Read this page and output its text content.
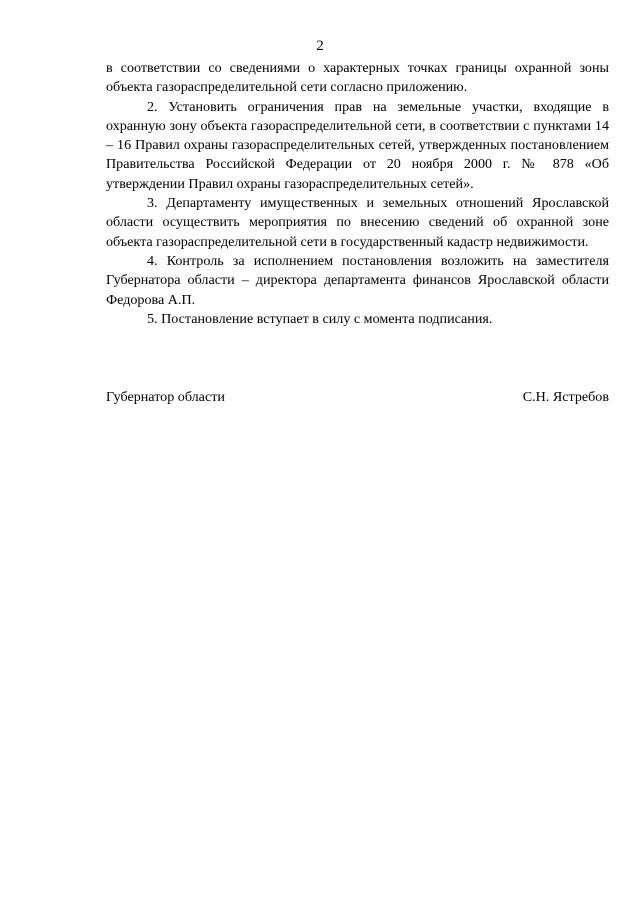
2

в соответствии со сведениями о характерных точках границы охранной зоны объекта газораспределительной сети согласно приложению.

2. Установить ограничения прав на земельные участки, входящие в охранную зону объекта газораспределительной сети, в соответствии с пунктами 14 – 16 Правил охраны газораспределительных сетей, утвержденных постановлением Правительства Российской Федерации от 20 ноября 2000 г. № 878 «Об утверждении Правил охраны газораспределительных сетей».

3. Департаменту имущественных и земельных отношений Ярославской области осуществить мероприятия по внесению сведений об охранной зоне объекта газораспределительной сети в государственный кадастр недвижимости.

4. Контроль за исполнением постановления возложить на заместителя Губернатора области – директора департамента финансов Ярославской области Федорова А.П.

5. Постановление вступает в силу с момента подписания.

Губернатор области	С.Н. Ястребов
